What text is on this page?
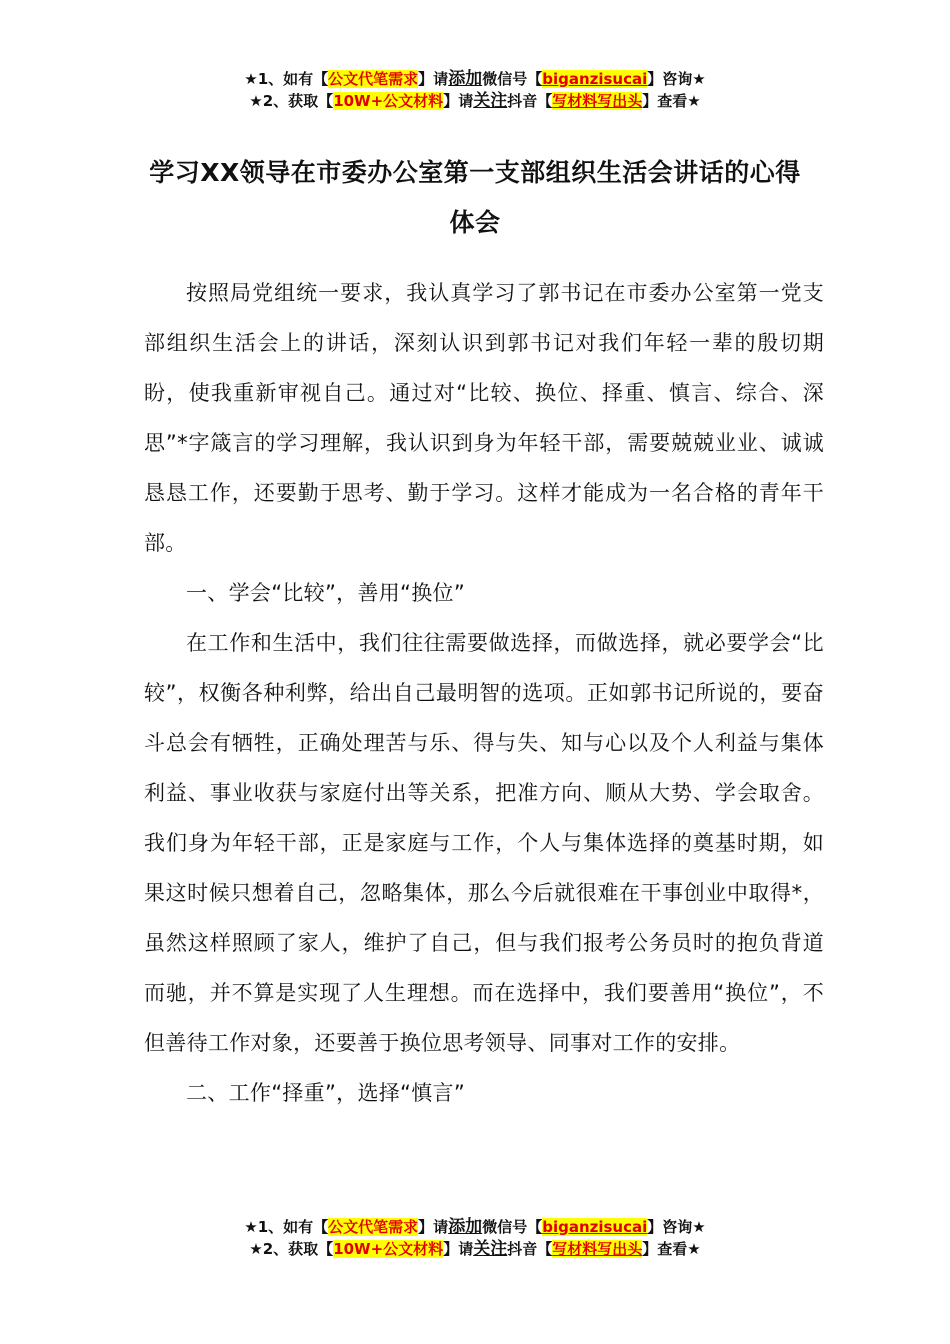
★1、如有【公文代笔需求】请添加微信号【biganzisucai】咨询★
★2、获取【10W+公文材料】请关注抖音【写材料写出头】查看★
学习XX领导在市委办公室第一支部组织生活会讲话的心得体会

按照局党组统一要求，我认真学习了郭书记在市委办公室第一党支部组织生活会上的讲话，深刻认识到郭书记对我们年轻一辈的殷切期盼，使我重新审视自己。通过对“比较、换位、择重、慎言、综合、深思”*字箴言的学习理解，我认识到身为年轻干部，需要兢兢业业、诚诚恳恳工作，还要勤于思考、勤于学习。这样才能成为一名合格的青年干部。

一、学会“比较”，善用“换位”

在工作和生活中，我们往往需要做选择，而做选择，就必要学会“比较”，权衡各种利弊，给出自己最明智的选项。正如郭书记所说的，要奋斗总会有牺牲，正确处理苦与乐、得与失、知与心以及个人利益与集体利益、事业收获与家庭付出等关系，把准方向、顺从大势、学会取舍。我们身为年轻干部，正是家庭与工作，个人与集体选择的奠基时期，如果这时候只想着自己，忽略集体，那么今后就很难在干事创业中取得*，虽然这样照顾了家人，维护了自己，但与我们报考公务员时的抱负背道而驰，并不算是实现了人生理想。而在选择中，我们要善用“换位”，不但善待工作对象，还要善于换位思考领导、同事对工作的安排。

二、工作“择重”，选择“慎言”

★1、如有【公文代笔需求】请添加微信号【biganzisucai】咨询★
★2、获取【10W+公文材料】请关注抖音【写材料写出头】查看★
